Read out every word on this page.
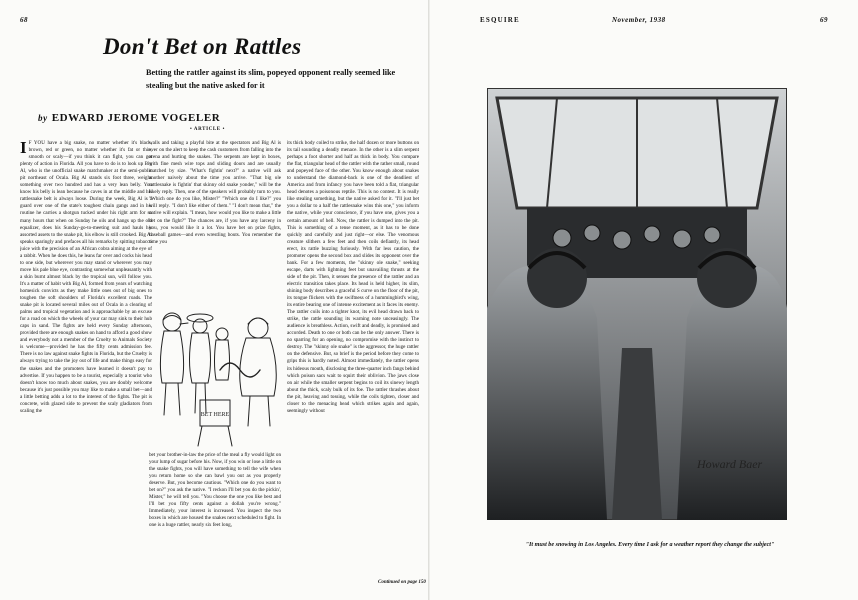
68	ESQUIRE	November, 1938	69
Don't Bet on Rattles
Betting the rattler against its slim, popeyed opponent really seemed like stealing but the native asked for it
by EDWARD JEROME VOGELER
• ARTICLE •
I F YOU have a big snake, no matter whether it's black, brown, red or green, no matter whether it's fat or thin, smooth or scaly—if you think it can fight, you can get plenty of action in Florida. All you have to do is to look up Big Al, who is the unofficial snake matchmaker at the semi-public pit northeast of Ocala. Big Al stands six foot three, weighs something over two hundred and has a very lean belly. You know his belly is lean because he caves in at the middle and his rattlesnake belt is always loose. During the week, Big Al is a guard over one of the state's toughest chain gangs and in his routine he carries a shotgun tucked under his right arm for so many hours that when on Sunday he oils and hangs up the old equalizer, does his Sunday-go-to-meeting suit and hauls his assorted assets to the snake pit, his elbow is still crooked. Big Al speaks sparingly and prefaces all his remarks by spitting tobacco juice with the precision of an African cobra aiming at the eye of a rabbit. When he does this, he leans far over and cocks his head to one side, but wherever you may stand or wherever you may move his pale blue eye, contrasting somewhat unpleasantly with a skin burnt almost black by the tropical sun, will follow you. It's a matter of habit with Big Al, formed from years of watching homesick convicts as they make little ones out of big ones to toughen the soft shoulders of Florida's excellent roads. The snake pit is located several miles out of Ocala in a clearing of palms and tropical vegetation and is approachable by an excuse for a road on which the wheels of your car may sink to their hub caps in sand. The fights are held every Sunday afternoon, provided there are enough snakes on hand to afford a good show and everybody not a member of the Cruelty to Animals Society is welcome—provided he has the fifty cents admission fee. There is no law against snake fights in Florida, but the Cruelty is always trying to take the joy out of life and make things easy for the snakes and the promoters have learned it doesn't pay to advertise. If you happen to be a tourist, especially a tourist who doesn't know too much about snakes, you are doubly welcome because it's just possible you may like to make a small bet—and a little betting adds a lot to the interest of the fights. The pit is concrete, with glazed side to prevent the scaly gladiators from scaling the
walls and taking a playful bite at the spectators and Big Al is ever on the alert to keep the cash customers from falling into the arena and hurting the snakes. The serpents are kept in boxes, with fine mesh wire tops and sliding doors and are usually matched by size. "What's fightin' next?" a native will ask another naively about the time you arrive. "That big ole rattlesnake is fightin' that skinny old snake yonder," will be the likely reply. Then, one of the speakers will probably turn to you. "Which one do you like, Mister?" "Which one do I like?" you will reply. "I don't like either of them." "I don't mean that," the native will explain. "I mean, how would you like to make a little bet on the fight?" The chances are, if you have any larceny in you, you would like it a lot. You have bet on prize fights, baseball games—and even wrestling bouts. You remember the time you
BET HERE
bet your brother-in-law the price of the meal a fly would light on your lump of sugar before his. Now, if you win or lose a little on the snake fights, you will have something to tell the wife when you return home so she can bawl you out as you properly deserve. But, you become cautious. "Which one do you want to bet on?" you ask the native. "I reckon I'll bet you do the pickin', Mister," he will tell you. "You choose the one you like best and I'll bet you fifty cents against a dollah you're wrong." Immediately, your interest is increased. You inspect the two boxes in which are housed the snakes next scheduled to fight. In one is a huge rattler, nearly six feet long,
its thick body coiled to strike, the half dozen or more buttons on its tail sounding a deadly menace. In the other is a slim serpent perhaps a foot shorter and half as thick in body. You compare the flat, triangular head of the rattler with the rather small, round and popeyed face of the other. You know enough about snakes to understand the diamond-back is one of the deadliest of America and from infancy you have been told a flat, triangular head denotes a poisonous reptile. This is no contest. It is really like stealing something, but the native asked for it. "I'll just bet you a dollar to a half the rattlesnake wins this one," you inform the native, while your conscience, if you have one, gives you a certain amount of hell. Now, the rattler is dumped into the pit. This is something of a tense moment, as it has to be done quickly and carefully and just right—or else. The venomous creature slithers a few feet and then coils defiantly, its head erect, its rattle buzzing furiously. With far less caution, the promoter opens the second box and slides its opponent over the bank. For a few moments, the "skinny ole snake," seeking escape, darts with lightning feet but unavailing thrusts at the side of the pit. Then, it senses the presence of the rattler and an electric transition takes place. Its head is held higher, its slim, shining body describes a graceful S curve on the floor of the pit, its tongue flickers with the swiftness of a hummingbird's wing, its entire bearing one of intense excitement as it faces its enemy. The rattler coils into a tighter knot, its evil head drawn back to strike, the rattle sounding its warning note unceasingly. The audience is breathless. Action, swift and deadly, is promised and accorded. Death to one or both can be the only answer. There is no sparring for an opening, no compromise with the instinct to destroy. The "skinny ole snake" is the aggressor, the huge rattler on the defensive. But, so brief is the period before they come to grips this is hardly noted. Almost immediately, the rattler opens its hideous mouth, disclosing the three-quarter inch fangs behind which poison sacs wait to squirt their oblivion. The jaws close on air while the smaller serpent begins to coil its sinewy length about the thick, scaly bulk of its foe. The rattler thrashes about the pit, heaving and tossing, while the coils tighten, closer and closer to the menacing head which strikes again and again, seemingly without
Continued on page 150
Howard Baer
"It must be snowing in Los Angeles. Every time I ask for a weather report they change the subject"
